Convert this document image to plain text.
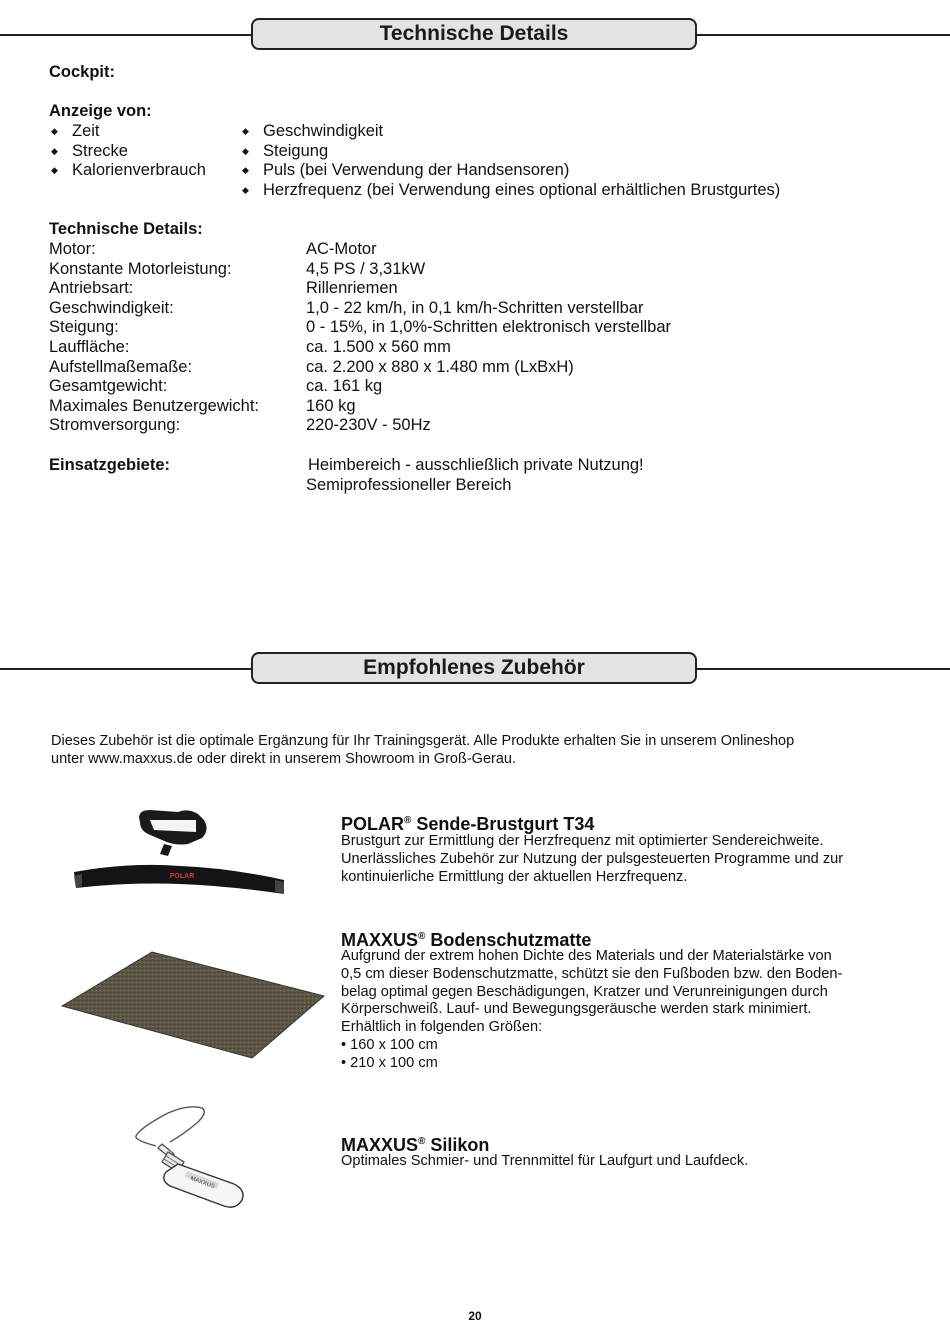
Technische Details
Cockpit:
Anzeige von:
◆ Zeit
◆ Strecke
◆ Kalorienverbrauch
◆ Geschwindigkeit
◆ Steigung
◆ Puls (bei Verwendung der Handsensoren)
◆ Herzfrequenz (bei Verwendung eines optional erhältlichen Brustgurtes)
Technische Details:
Motor:	AC-Motor
Konstante Motorleistung:	4,5 PS / 3,31kW
Antriebsart:	Rillenriemen
Geschwindigkeit:	1,0 - 22 km/h, in 0,1 km/h-Schritten verstellbar
Steigung:	0 - 15%, in 1,0%-Schritten elektronisch verstellbar
Lauffläche:	ca. 1.500 x 560 mm
Aufstellmaßemaße:	ca. 2.200 x 880 x 1.480 mm (LxBxH)
Gesamtgewicht:	ca. 161 kg
Maximales Benutzergewicht:	160 kg
Stromversorgung:	220-230V - 50Hz
Einsatzgebiete:	Heimbereich - ausschließlich private Nutzung!
Semiprofessioneller Bereich
Empfohlenes Zubehör
Dieses Zubehör ist die optimale Ergänzung für Ihr Trainingsgerät. Alle Produkte erhalten Sie in unserem Onlineshop
unter www.maxxus.de oder direkt in unserem Showroom in Groß-Gerau.
POLAR
POLAR® Sende-Brustgurt T34
Brustgurt zur Ermittlung der Herzfrequenz mit optimierter Sendereichweite.
Unerlässliches Zubehör zur Nutzung der pulsgesteuerten Programme und zur
kontinuierliche Ermittlung der aktuellen Herzfrequenz.
MAXXUS® Bodenschutzmatte
Aufgrund der extrem hohen Dichte des Materials und der Materialstärke von
0,5 cm dieser Bodenschutzmatte, schützt sie den Fußboden bzw. den Boden-
belag optimal gegen Beschädigungen, Kratzer und Verunreinigungen durch
Körperschweiß. Lauf- und Bewegungsgeräusche werden stark minimiert.
Erhältlich in folgenden Größen:
• 160 x 100 cm
• 210 x 100 cm
MAXXUS
MAXXUS® Silikon
Optimales Schmier- und Trennmittel für Laufgurt und Laufdeck.
20
